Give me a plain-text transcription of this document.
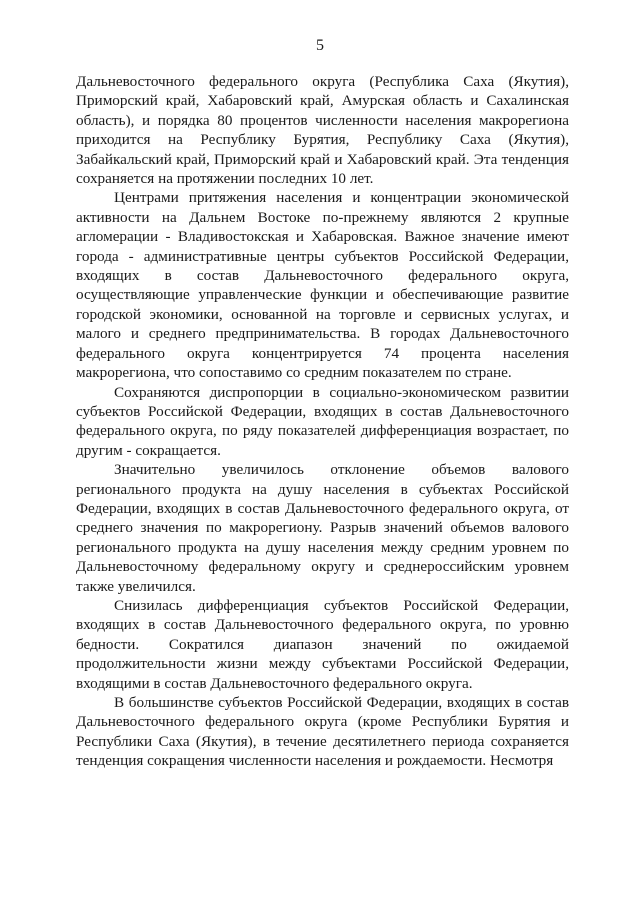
5

Дальневосточного федерального округа (Республика Саха (Якутия), Приморский край, Хабаровский край, Амурская область и Сахалинская область), и порядка 80 процентов численности населения макрорегиона приходится на Республику Бурятия, Республику Саха (Якутия), Забайкальский край, Приморский край и Хабаровский край. Эта тенденция сохраняется на протяжении последних 10 лет.

Центрами притяжения населения и концентрации экономической активности на Дальнем Востоке по-прежнему являются 2 крупные агломерации - Владивостокская и Хабаровская. Важное значение имеют города - административные центры субъектов Российской Федерации, входящих в состав Дальневосточного федерального округа, осуществляющие управленческие функции и обеспечивающие развитие городской экономики, основанной на торговле и сервисных услугах, и малого и среднего предпринимательства. В городах Дальневосточного федерального округа концентрируется 74 процента населения макрорегиона, что сопоставимо со средним показателем по стране.

Сохраняются диспропорции в социально-экономическом развитии субъектов Российской Федерации, входящих в состав Дальневосточного федерального округа, по ряду показателей дифференциация возрастает, по другим - сокращается.

Значительно увеличилось отклонение объемов валового регионального продукта на душу населения в субъектах Российской Федерации, входящих в состав Дальневосточного федерального округа, от среднего значения по макрорегиону. Разрыв значений объемов валового регионального продукта на душу населения между средним уровнем по Дальневосточному федеральному округу и среднероссийским уровнем также увеличился.

Снизилась дифференциация субъектов Российской Федерации, входящих в состав Дальневосточного федерального округа, по уровню бедности. Сократился диапазон значений по ожидаемой продолжительности жизни между субъектами Российской Федерации, входящими в состав Дальневосточного федерального округа.

В большинстве субъектов Российской Федерации, входящих в состав Дальневосточного федерального округа (кроме Республики Бурятия и Республики Саха (Якутия), в течение десятилетнего периода сохраняется тенденция сокращения численности населения и рождаемости. Несмотря
